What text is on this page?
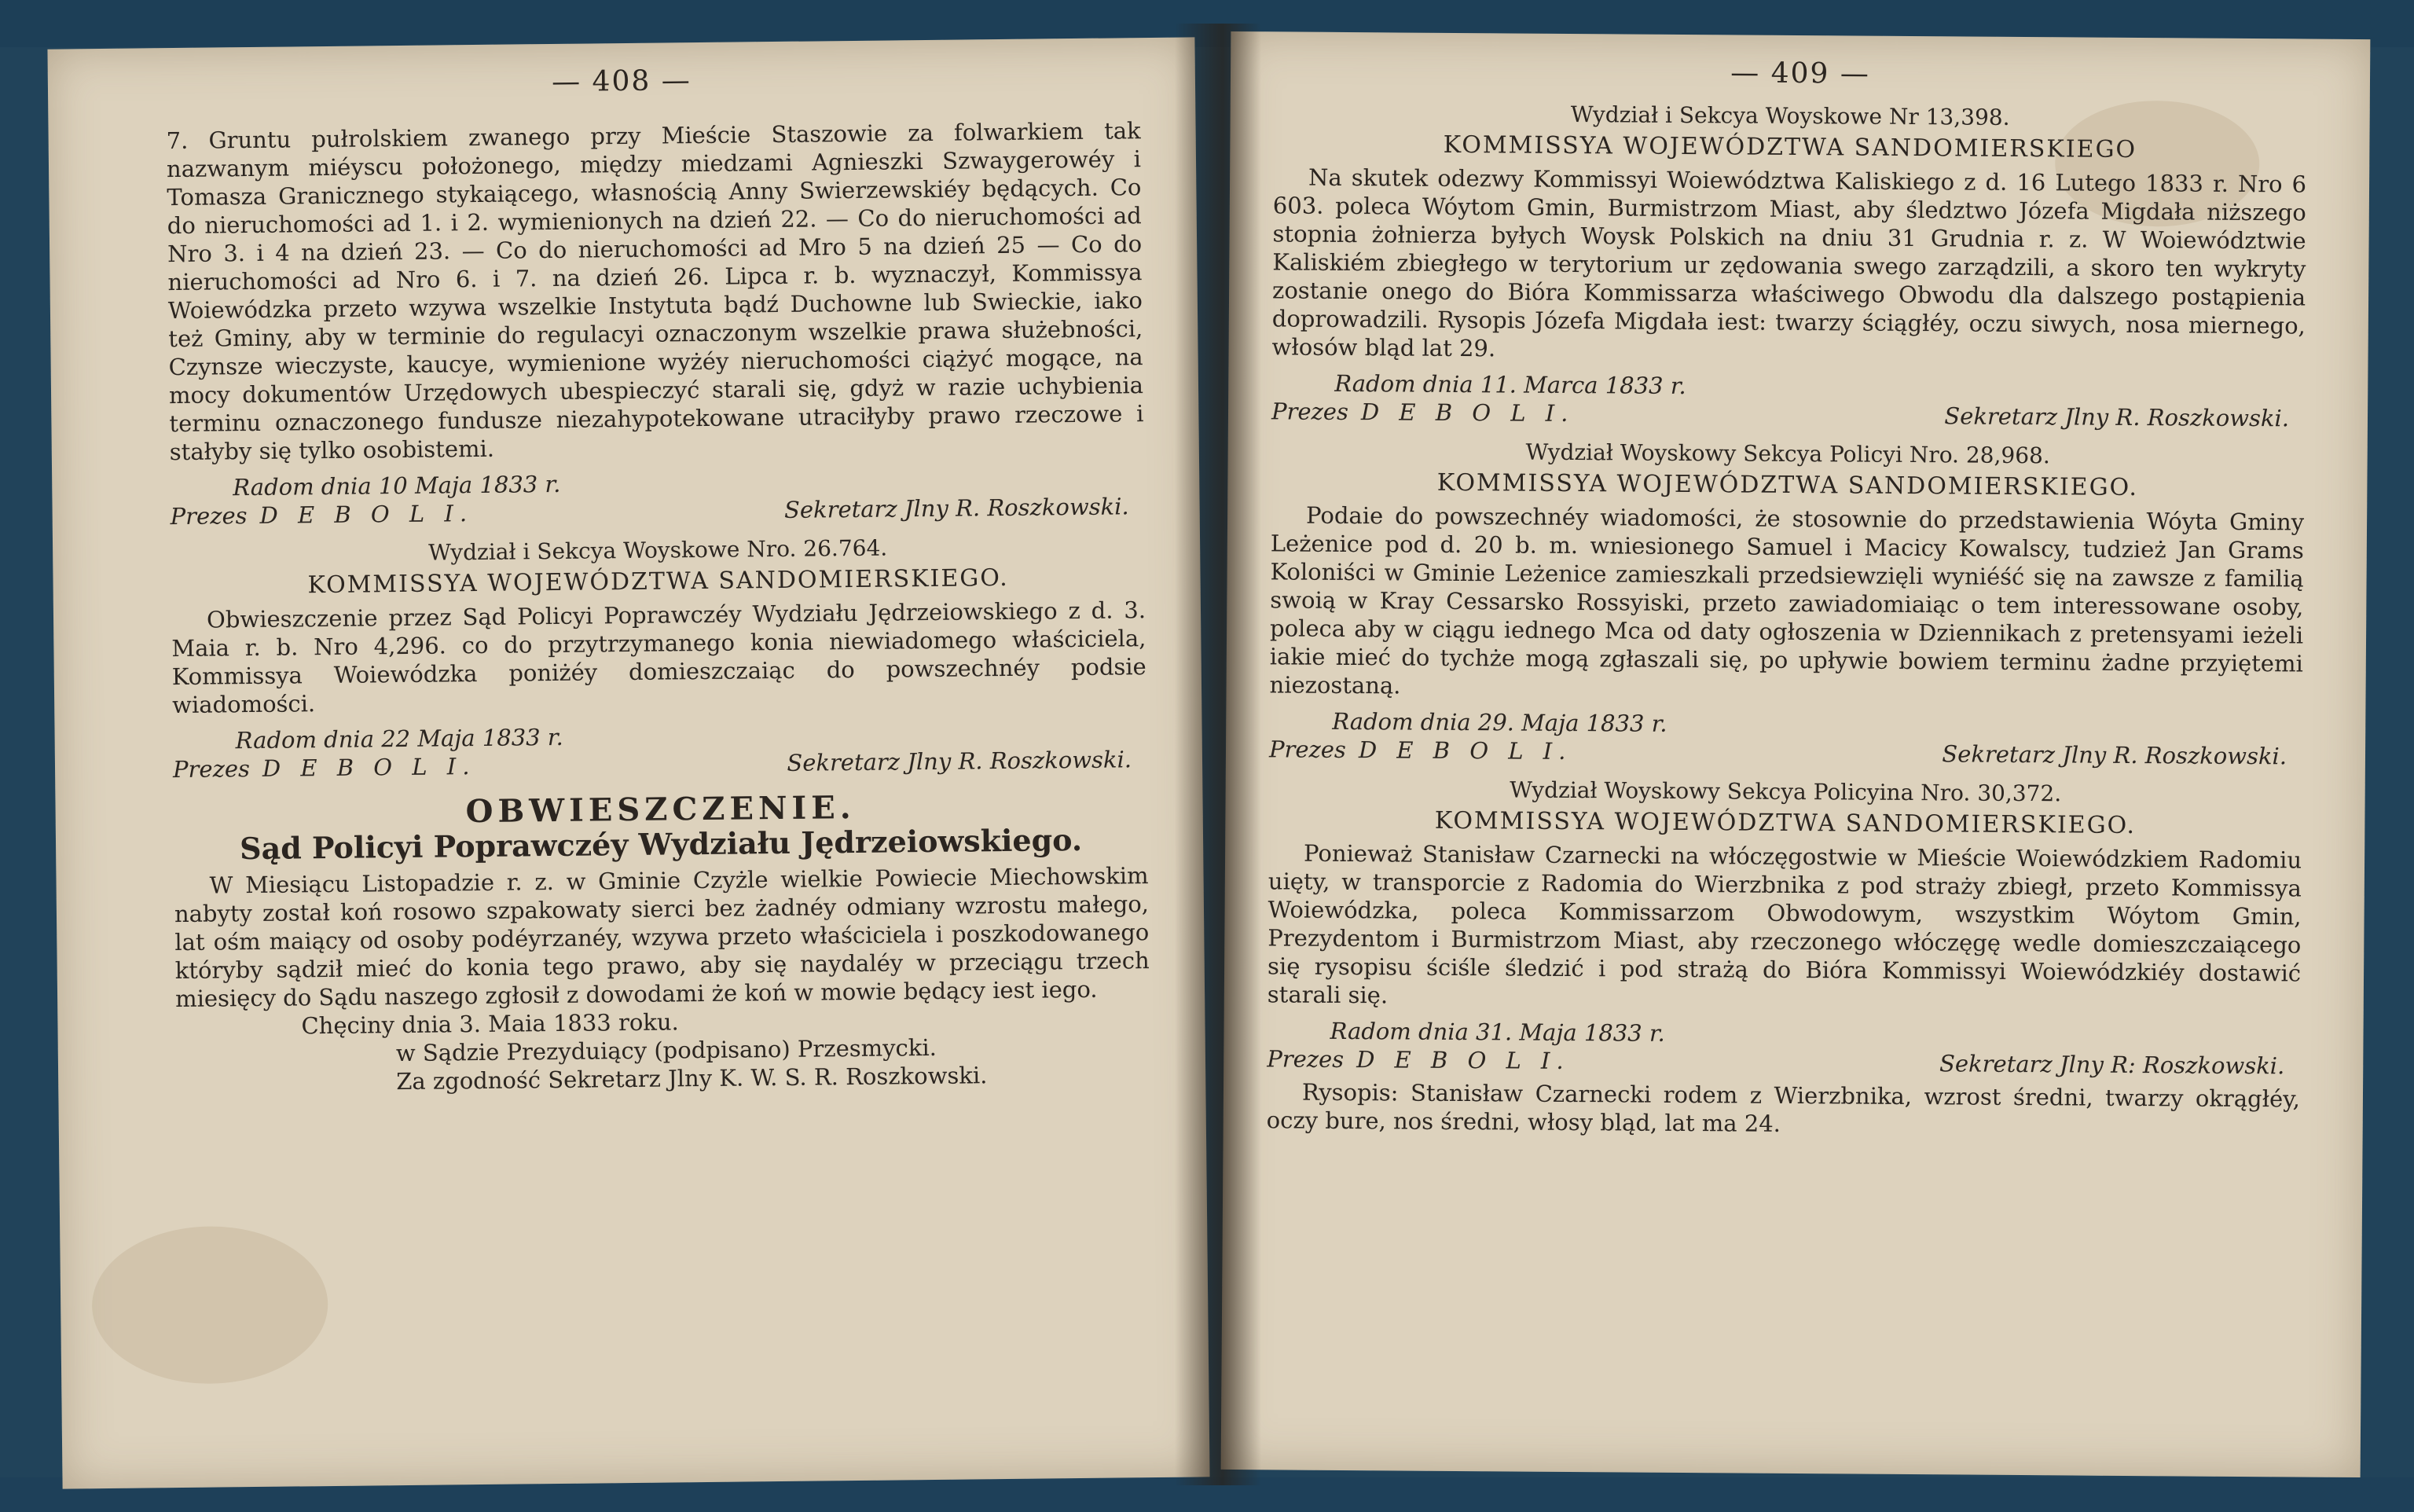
— 408 —

7. Gruntu pułrolskiem zwanego przy Mieście Staszowie za folwarkiem tak nazwanym miéyscu położonego, między miedzami Agnieszki Szwaygerowéy i Tomasza Granicznego stykaiącego, własnością Anny Swierzewskiéy będących. Co do nieruchomości ad 1. i 2. wymienionych na dzień 22. — Co do nieruchomości ad Nro 3. i 4 na dzień 23. — Co do nieruchomości ad Mro 5 na dzień 25 — Co do nieruchomości ad Nro 6. i 7. na dzień 26. Lipca r. b. wyznaczył, Kommissya Woiewódzka przeto wzywa wszelkie Instytuta bądź Duchowne lub Swieckie, iako też Gminy, aby w terminie do regulacyi oznaczonym wszelkie prawa służebności, Czynsze wieczyste, kaucye, wymienione wyżéy nieruchomości ciążyć mogące, na mocy dokumentów Urzędowych ubespieczyć starali się, gdyż w razie uchybienia terminu oznaczonego fundusze niezahypotekowane utraciłyby prawo rzeczowe i stałyby się tylko osobistemi.

Radom dnia 10 Maja 1833 r.

Prezes D E B O L I.	Sekretarz Jlny R. Roszkowski.

Wydział i Sekcya Woyskowe Nro. 26.764.

KOMMISSYA WOJEWÓDZTWA SANDOMIERSKIEGO.

Obwieszczenie przez Sąd Policyi Poprawczéy Wydziału Jędrzeiowskiego z d. 3. Maia r. b. Nro 4,296. co do przytrzymanego konia niewiadomego właściciela, Kommissya Woiewódzka poniżéy domieszczaiąc do powszechnéy podsie wiadomości.

Radom dnia 22 Maja 1833 r.

Prezes D E B O L I.	Sekretarz Jlny R. Roszkowski.

OBWIESZCZENIE.

Sąd Policyi Poprawczéy Wydziału Jędrzeiowskiego.

W Miesiącu Listopadzie r. z. w Gminie Czyżle wielkie Powiecie Miechowskim nabyty został koń rosowo szpakowaty sierci bez żadnéy odmiany wzrostu małego, lat ośm maiący od osoby podéyrzanéy, wzywa przeto właściciela i poszkodowanego któryby sądził mieć do konia tego prawo, aby się naydaléy w przeciągu trzech miesięcy do Sądu naszego zgłosił z dowodami że koń w mowie będący iest iego.

Chęciny dnia 3. Maia 1833 roku.

w Sądzie Prezyduiący (podpisano) Przesmycki.

Za zgodność Sekretarz Jlny K. W. S. R. Roszkowski.

— 409 —

Wydział i Sekcya Woyskowe Nr 13,398.

KOMMISSYA WOJEWÓDZTWA SANDOMIERSKIEGO

Na skutek odezwy Kommissyi Woiewództwa Kaliskiego z d. 16 Lutego 1833 r. Nro 6 603. poleca Wóytom Gmin, Burmistrzom Miast, aby śledztwo Józefa Migdała niższego stopnia żołnierza byłych Woysk Polskich na dniu 31 Grudnia r. z. W Woiewództwie Kaliskiém zbiegłego w terytorium ur zędowania swego zarządzili, a skoro ten wykryty zostanie onego do Bióra Kommissarza właściwego Obwodu dla dalszego postąpienia doprowadzili. Rysopis Józefa Migdała iest: twarzy ściągłéy, oczu siwych, nosa miernego, włosów bląd lat 29.

Radom dnia 11. Marca 1833 r.

Prezes D E B O L I.	Sekretarz Jlny R. Roszkowski.

Wydział Woyskowy Sekcya Policyi Nro. 28,968.

KOMMISSYA WOJEWÓDZTWA SANDOMIERSKIEGO.

Podaie do powszechnéy wiadomości, że stosownie do przedstawienia Wóyta Gminy Leżenice pod d. 20 b. m. wniesionego Samuel i Macicy Kowalscy, tudzież Jan Grams Koloniści w Gminie Leżenice zamieszkali przedsiewzięli wyniéść się na zawsze z familią swoią w Kray Cessarsko Rossyiski, przeto zawiadomiaiąc o tem interessowane osoby, poleca aby w ciągu iednego Mca od daty ogłoszenia w Dziennikach z pretensyami ieżeli iakie mieć do tychże mogą zgłaszali się, po upływie bowiem terminu żadne przyiętemi niezostaną.

Radom dnia 29. Maja 1833 r.

Prezes D E B O L I.	Sekretarz Jlny R. Roszkowski.

Wydział Woyskowy Sekcya Policyina Nro. 30,372.

KOMMISSYA WOJEWÓDZTWA SANDOMIERSKIEGO.

Ponieważ Stanisław Czarnecki na włóczęgostwie w Mieście Woiewódzkiem Radomiu uięty, w transporcie z Radomia do Wierzbnika z pod straży zbiegł, przeto Kommissya Woiewódzka, poleca Kommissarzom Obwodowym, wszystkim Wóytom Gmin, Prezydentom i Burmistrzom Miast, aby rzeczonego włóczęgę wedle domieszczaiącego się rysopisu ściśle śledzić i pod strażą do Bióra Kommissyi Woiewódzkiéy dostawić starali się.

Radom dnia 31. Maja 1833 r.

Prezes D E B O L I.	Sekretarz Jlny R: Roszkowski.

Rysopis: Stanisław Czarnecki rodem z Wierzbnika, wzrost średni, twarzy okrągłéy, oczy bure, nos średni, włosy bląd, lat ma 24.
